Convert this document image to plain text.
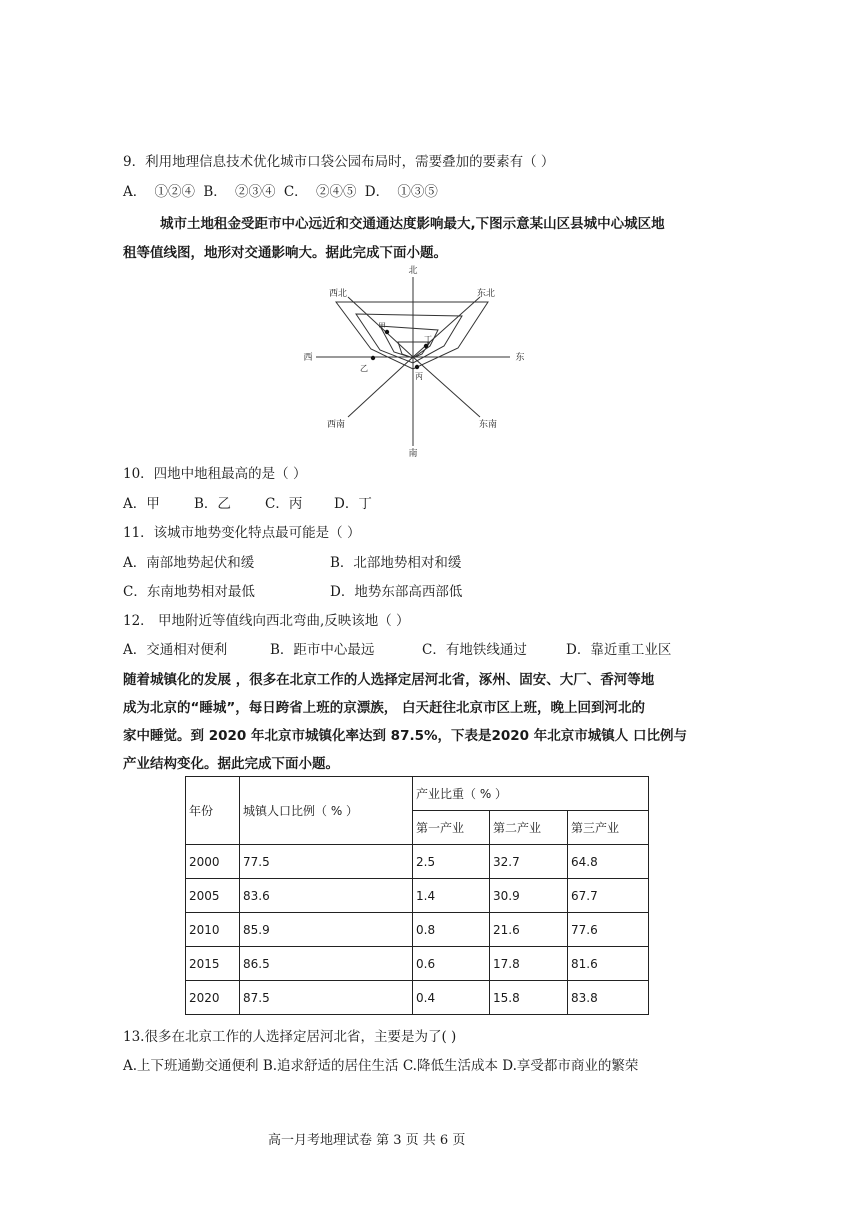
9．利用地理信息技术优化城市口袋公园布局时，需要叠加的要素有（ ）
A． ①②④ B． ②③④ C． ②④⑤ D． ①③⑤
城市土地租金受距市中心远近和交通通达度影响最大,下图示意某山区县城中心城区地
租等值线图，地形对交通影响大。据此完成下面小题。
北
南
东
西
东北
西北
东南
西南
甲
乙
丙
丁
10．四地中地租最高的是（ ）
A．甲	B．乙	C．丙 D．丁
11．该城市地势变化特点最可能是（ ）
A．南部地势起伏和缓	B．北部地势相对和缓
C．东南地势相对最低	D．地势东部高西部低
12． 甲地附近等值线向西北弯曲,反映该地（ ）
A．交通相对便利	B．距市中心最远	C．有地铁线通过	D．靠近重工业区
随着城镇化的发展 ，很多在北京工作的人选择定居河北省，涿州、固安、大厂、香河等地
成为北京的“睡城”，每日跨省上班的京漂族， 白天赶往北京市区上班，晚上回到河北的
家中睡觉。到 2020 年北京市城镇化率达到 87.5%，下表是2020 年北京市城镇人 口比例与
产业结构变化。据此完成下面小题。
年份	城镇人口比例（ % ）	产业比重（ % ）		
		第一产业	第二产业	第三产业
2000	77.5	2.5	32.7	64.8
2005	83.6	1.4	30.9	67.7
2010	85.9	0.8	21.6	77.6
2015	86.5	0.6	17.8	81.6
2020	87.5	0.4	15.8	83.8
13.很多在北京工作的人选择定居河北省，主要是为了( )
A.上下班通勤交通便利 B.追求舒适的居住生活 C.降低生活成本 D.享受都市商业的繁荣
高一月考地理试卷 第 3 页 共 6 页
